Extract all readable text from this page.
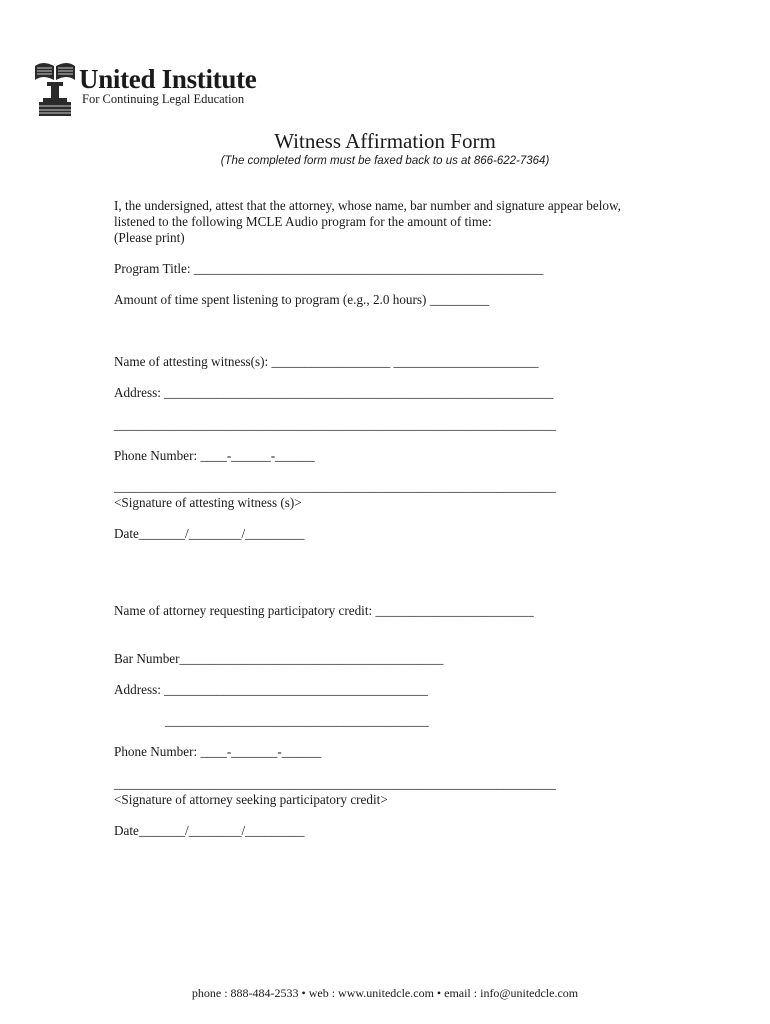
United Institute
For Continuing Legal Education
Witness Affirmation Form
(The completed form must be faxed back to us at 866-622-7364)
I, the undersigned, attest that the attorney, whose name, bar number and signature appear below,
listened to the following MCLE Audio program for the amount of time:
(Please print)
Program Title: _____________________________________________________
Amount of time spent listening to program (e.g., 2.0 hours) _________
Name of attesting witness(s): __________________ ______________________
Address: ___________________________________________________________
___________________________________________________________________
Phone Number: ____-______-______
___________________________________________________________________
<Signature of attesting witness (s)>
Date_______/________/_________
Name of attorney requesting participatory credit: ________________________
Bar Number________________________________________
Address: ________________________________________
________________________________________
Phone Number: ____-_______-______
___________________________________________________________________
<Signature of attorney seeking participatory credit>
Date_______/________/_________
phone : 888-484-2533 • web : www.unitedcle.com • email : info@unitedcle.com
